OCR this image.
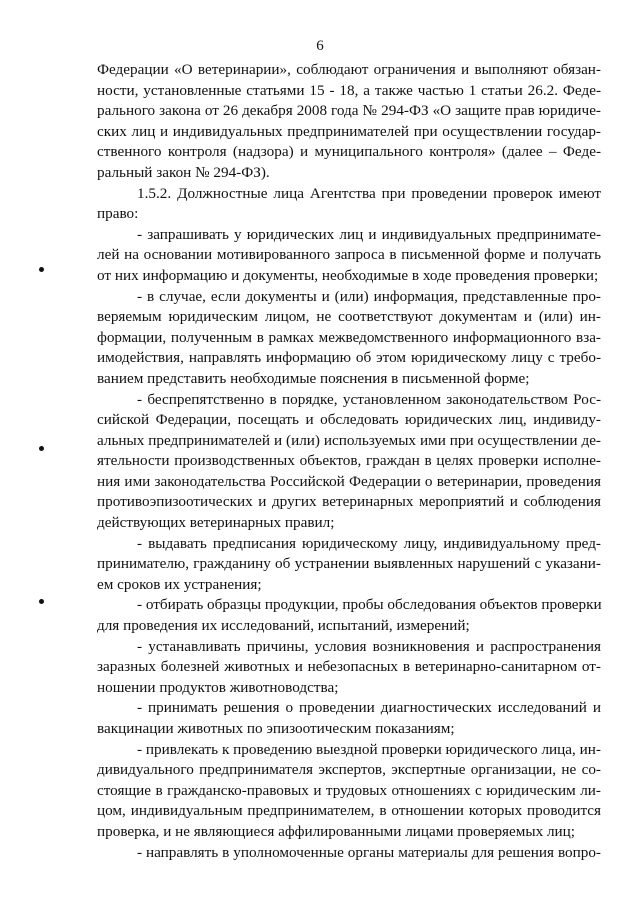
6
Федерации «О ветеринарии», соблюдают ограничения и выполняют обязан-
ности, установленные статьями 15 - 18, а также частью 1 статьи 26.2. Феде-
рального закона от 26 декабря 2008 года № 294-ФЗ «О защите прав юридиче-
ских лиц и индивидуальных предпринимателей при осуществлении государ-
ственного контроля (надзора) и муниципального контроля» (далее – Феде-
ральный закон № 294-ФЗ).
1.5.2. Должностные лица Агентства при проведении проверок имеют
право:
- запрашивать у юридических лиц и индивидуальных предпринимате-
лей на основании мотивированного запроса в письменной форме и получать
от них информацию и документы, необходимые в ходе проведения проверки;
- в случае, если документы и (или) информация, представленные про-
веряемым юридическим лицом, не соответствуют документам и (или) ин-
формации, полученным в рамках межведомственного информационного вза-
имодействия, направлять информацию об этом юридическому лицу с требо-
ванием представить необходимые пояснения в письменной форме;
- беспрепятственно в порядке, установленном законодательством Рос-
сийской Федерации, посещать и обследовать юридических лиц, индивиду-
альных предпринимателей и (или) используемых ими при осуществлении де-
ятельности производственных объектов, граждан в целях проверки исполне-
ния ими законодательства Российской Федерации о ветеринарии, проведения
противоэпизоотических и других ветеринарных мероприятий и соблюдения
действующих ветеринарных правил;
- выдавать предписания юридическому лицу, индивидуальному пред-
принимателю, гражданину об устранении выявленных нарушений с указани-
ем сроков их устранения;
- отбирать образцы продукции, пробы обследования объектов проверки
для проведения их исследований, испытаний, измерений;
- устанавливать причины, условия возникновения и распространения
заразных болезней животных и небезопасных в ветеринарно-санитарном от-
ношении продуктов животноводства;
- принимать решения о проведении диагностических исследований и
вакцинации животных по эпизоотическим показаниям;
- привлекать к проведению выездной проверки юридического лица, ин-
дивидуального предпринимателя экспертов, экспертные организации, не со-
стоящие в гражданско-правовых и трудовых отношениях с юридическим ли-
цом, индивидуальным предпринимателем, в отношении которых проводится
проверка, и не являющиеся аффилированными лицами проверяемых лиц;
- направлять в уполномоченные органы материалы для решения вопро-
